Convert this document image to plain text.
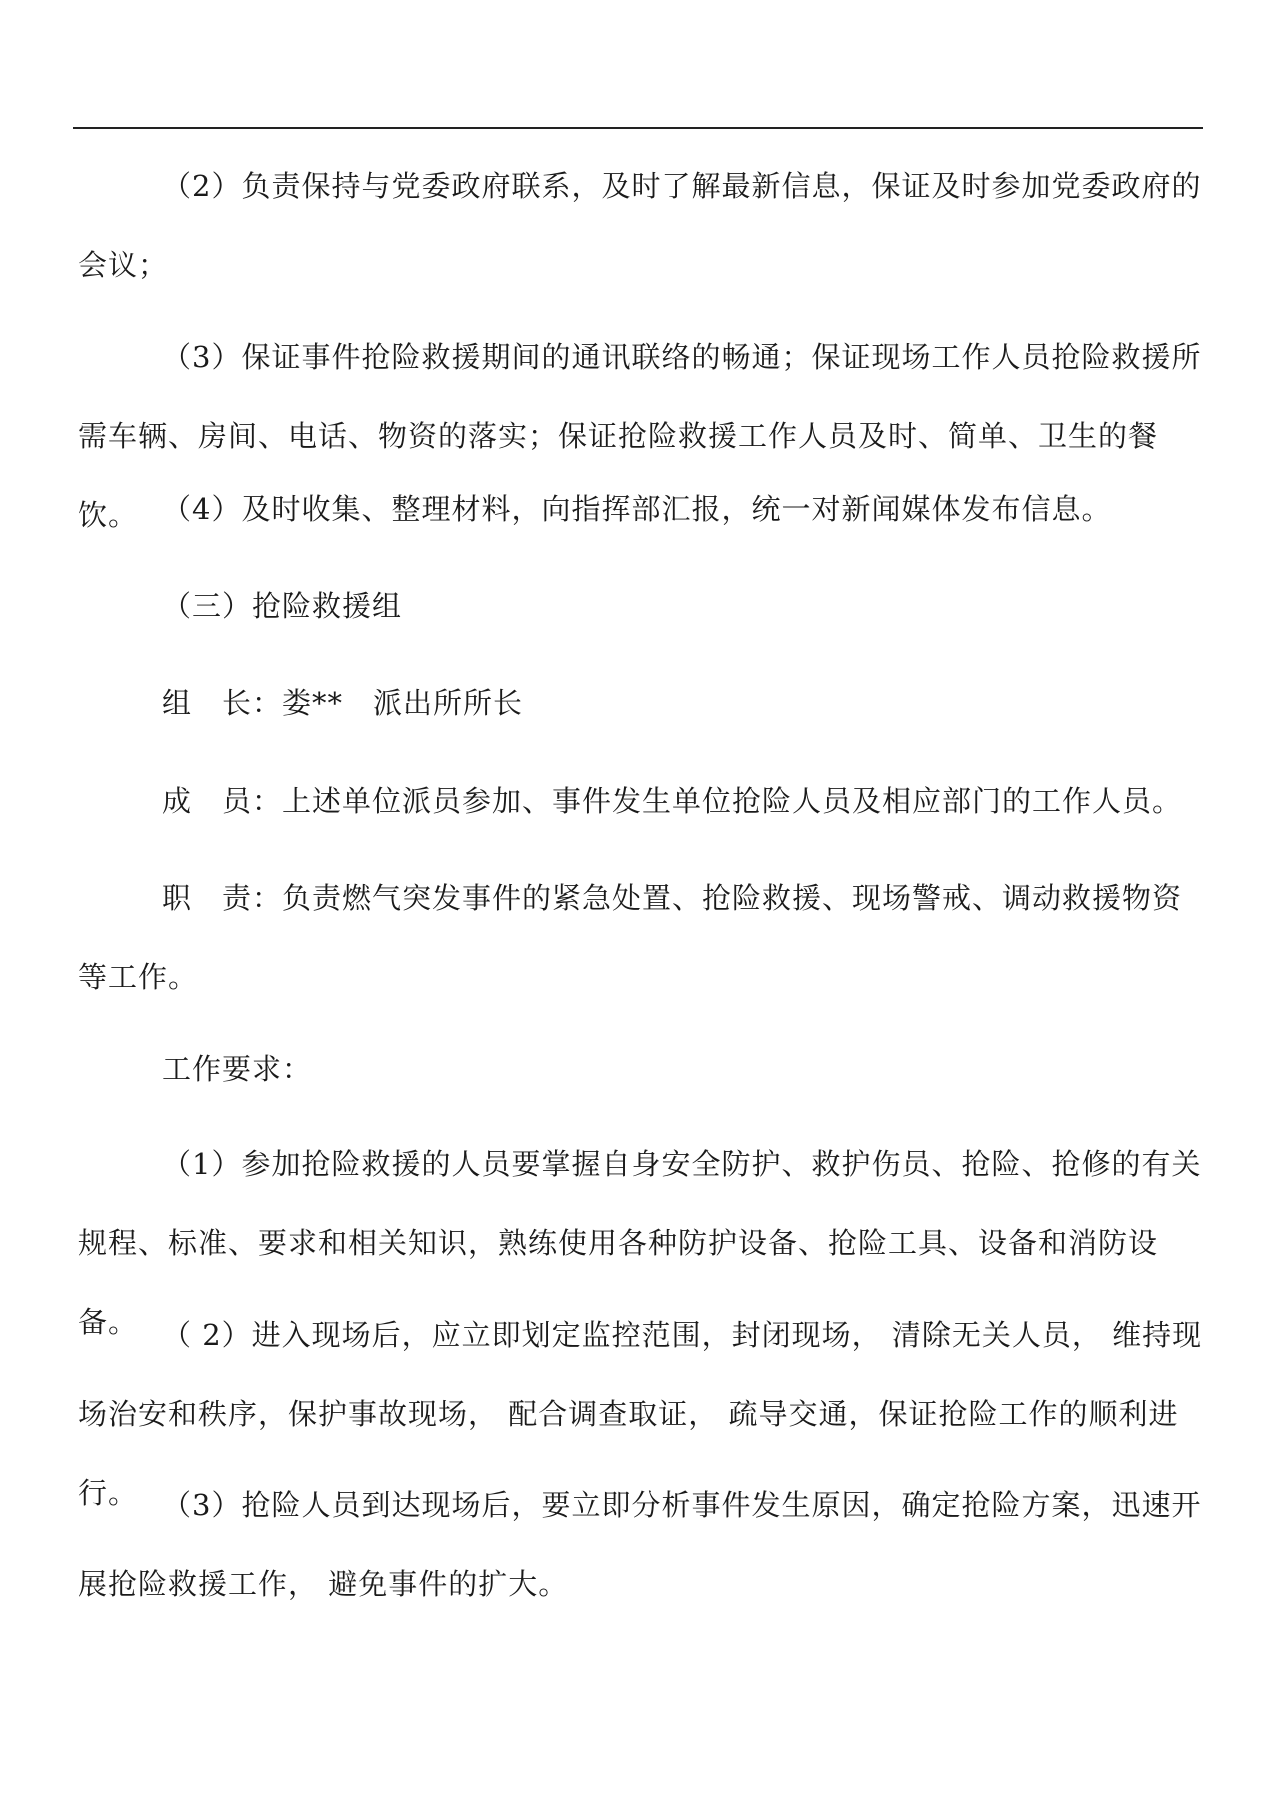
（2）负责保持与党委政府联系，及时了解最新信息，保证及时参加党委政府的会议；

（3）保证事件抢险救援期间的通讯联络的畅通；保证现场工作人员抢险救援所需车辆、房间、电话、物资的落实；保证抢险救援工作人员及时、简单、卫生的餐饮。 （4）及时收集、整理材料，向指挥部汇报，统一对新闻媒体发布信息。

（三）抢险救援组

组　长：娄**　派出所所长

成　员：上述单位派员参加、事件发生单位抢险人员及相应部门的工作人员。

职　责：负责燃气突发事件的紧急处置、抢险救援、现场警戒、调动救援物资等工作。

工作要求：

（1）参加抢险救援的人员要掌握自身安全防护、救护伤员、抢险、抢修的有关规程、标准、要求和相关知识，熟练使用各种防护设备、抢险工具、设备和消防设备。 （ 2）进入现场后，应立即划定监控范围，封闭现场， 清除无关人员， 维持现场治安和秩序，保护事故现场， 配合调查取证， 疏导交通，保证抢险工作的顺利进行。 （3）抢险人员到达现场后，要立即分析事件发生原因，确定抢险方案，迅速开展抢险救援工作， 避免事件的扩大。
